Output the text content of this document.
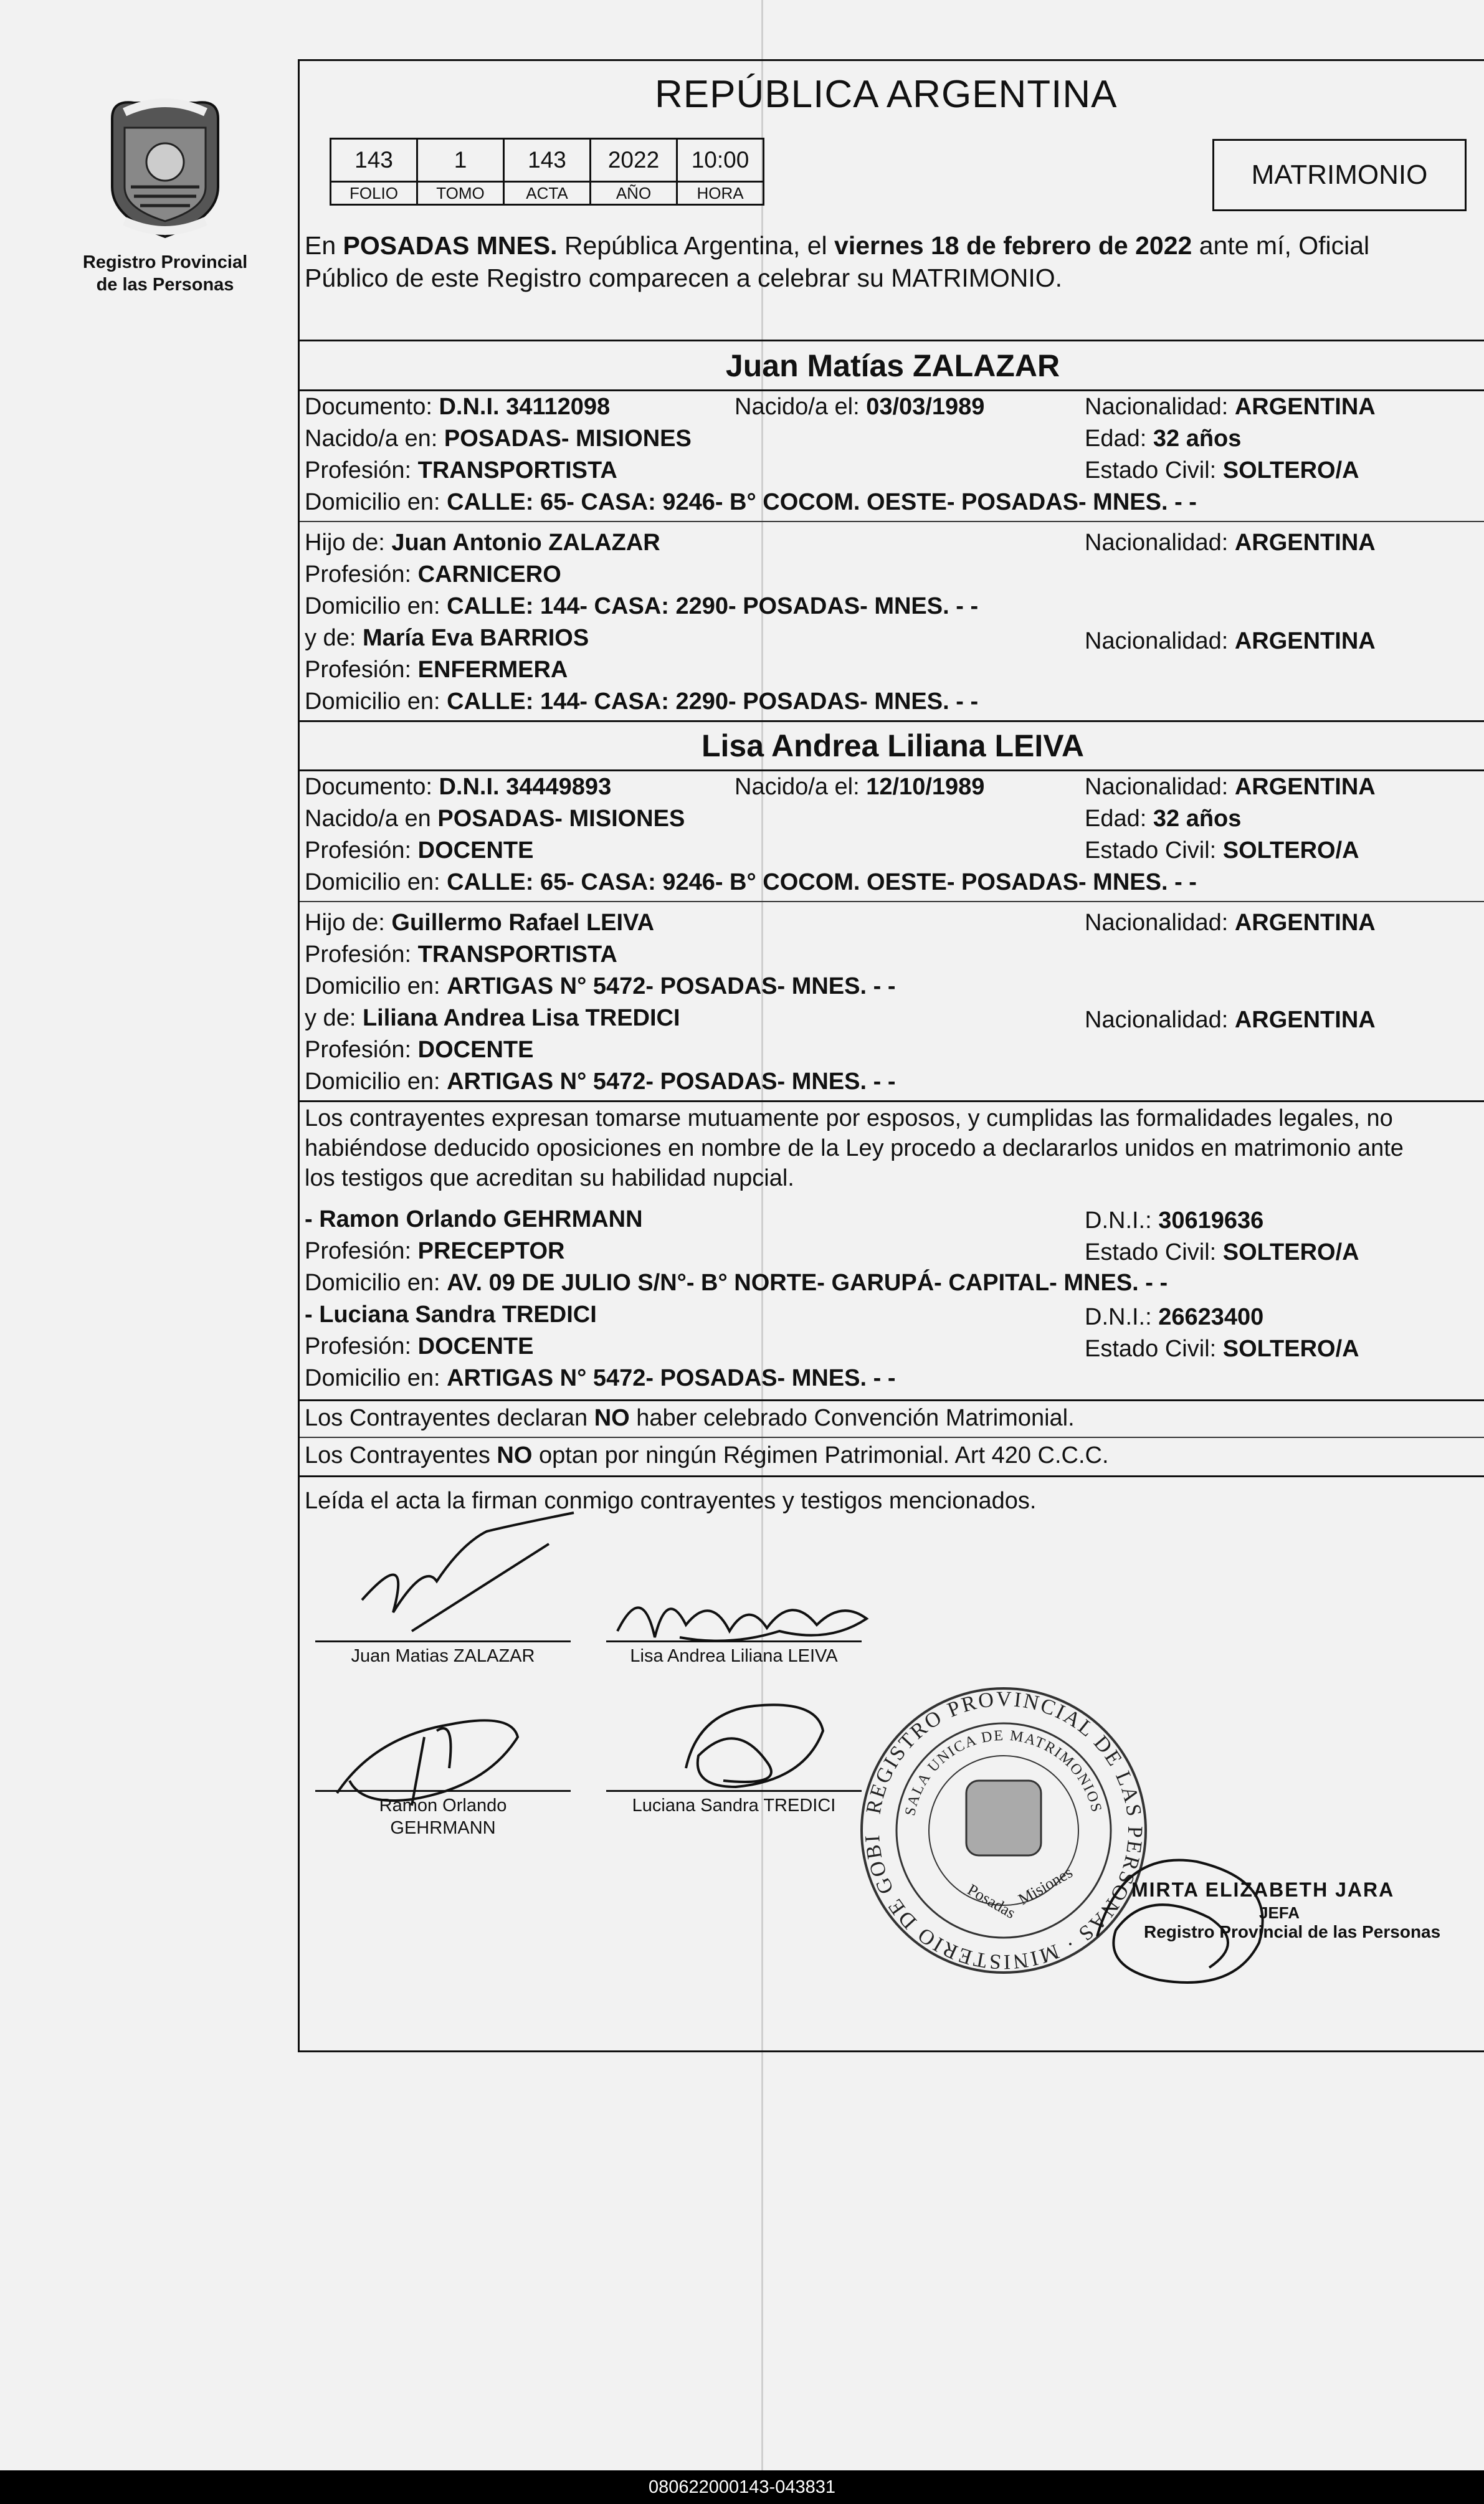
Registro Provincial
de las Personas
REPÚBLICA ARGENTINA
143	1	143	2022	10:00
FOLIO	TOMO	ACTA	AÑO	HORA
MATRIMONIO
En POSADAS MNES. República Argentina, el viernes 18 de febrero de 2022 ante mí, Oficial
Público de este Registro comparecen a celebrar su MATRIMONIO.
Juan Matías ZALAZAR
Documento: D.N.I. 34112098	Nacido/a el: 03/03/1989	Nacionalidad: ARGENTINA
Nacido/a en: POSADAS- MISIONES	Edad: 32 años
Profesión: TRANSPORTISTA	Estado Civil: SOLTERO/A
Domicilio en: CALLE: 65- CASA: 9246- B° COCOM. OESTE- POSADAS- MNES. - -
Hijo de: Juan Antonio ZALAZAR	Nacionalidad: ARGENTINA
Profesión: CARNICERO
Domicilio en: CALLE: 144- CASA: 2290- POSADAS- MNES. - -
y de: María Eva BARRIOS	Nacionalidad: ARGENTINA
Profesión: ENFERMERA
Domicilio en: CALLE: 144- CASA: 2290- POSADAS- MNES. - -
Lisa Andrea Liliana LEIVA
Documento: D.N.I. 34449893	Nacido/a el: 12/10/1989	Nacionalidad: ARGENTINA
Nacido/a en POSADAS- MISIONES	Edad: 32 años
Profesión: DOCENTE	Estado Civil: SOLTERO/A
Domicilio en: CALLE: 65- CASA: 9246- B° COCOM. OESTE- POSADAS- MNES. - -
Hijo de: Guillermo Rafael LEIVA	Nacionalidad: ARGENTINA
Profesión: TRANSPORTISTA
Domicilio en: ARTIGAS N° 5472- POSADAS- MNES. - -
y de: Liliana Andrea Lisa TREDICI	Nacionalidad: ARGENTINA
Profesión: DOCENTE
Domicilio en: ARTIGAS N° 5472- POSADAS- MNES. - -
Los contrayentes expresan tomarse mutuamente por esposos, y cumplidas las formalidades legales, no
habiéndose deducido oposiciones en nombre de la Ley procedo a declararlos unidos en matrimonio ante
los testigos que acreditan su habilidad nupcial.
- Ramon Orlando GEHRMANN	D.N.I.: 30619636
Profesión: PRECEPTOR	Estado Civil: SOLTERO/A
Domicilio en: AV. 09 DE JULIO S/N°- B° NORTE- GARUPÁ- CAPITAL- MNES. - -
- Luciana Sandra TREDICI	D.N.I.: 26623400
Profesión: DOCENTE	Estado Civil: SOLTERO/A
Domicilio en: ARTIGAS N° 5472- POSADAS- MNES. - -
Los Contrayentes declaran NO haber celebrado Convención Matrimonial.
Los Contrayentes NO optan por ningún Régimen Patrimonial. Art 420 C.C.C.
Leída el acta la firman conmigo contrayentes y testigos mencionados.
Juan Matias ZALAZAR	Lisa Andrea Liliana LEIVA
Ramon Orlando
GEHRMANN
Luciana Sandra TREDICI	REGISTRO PROVINCIAL DE LAS PERSONAS · MINISTERIO DE GOBIERNO ·
SALA UNICA DE MATRIMONIOS
Posadas
Misiones	MIRTA ELIZABETH JARA
JEFA
Registro Provincial de las Personas
080622000143-043831
